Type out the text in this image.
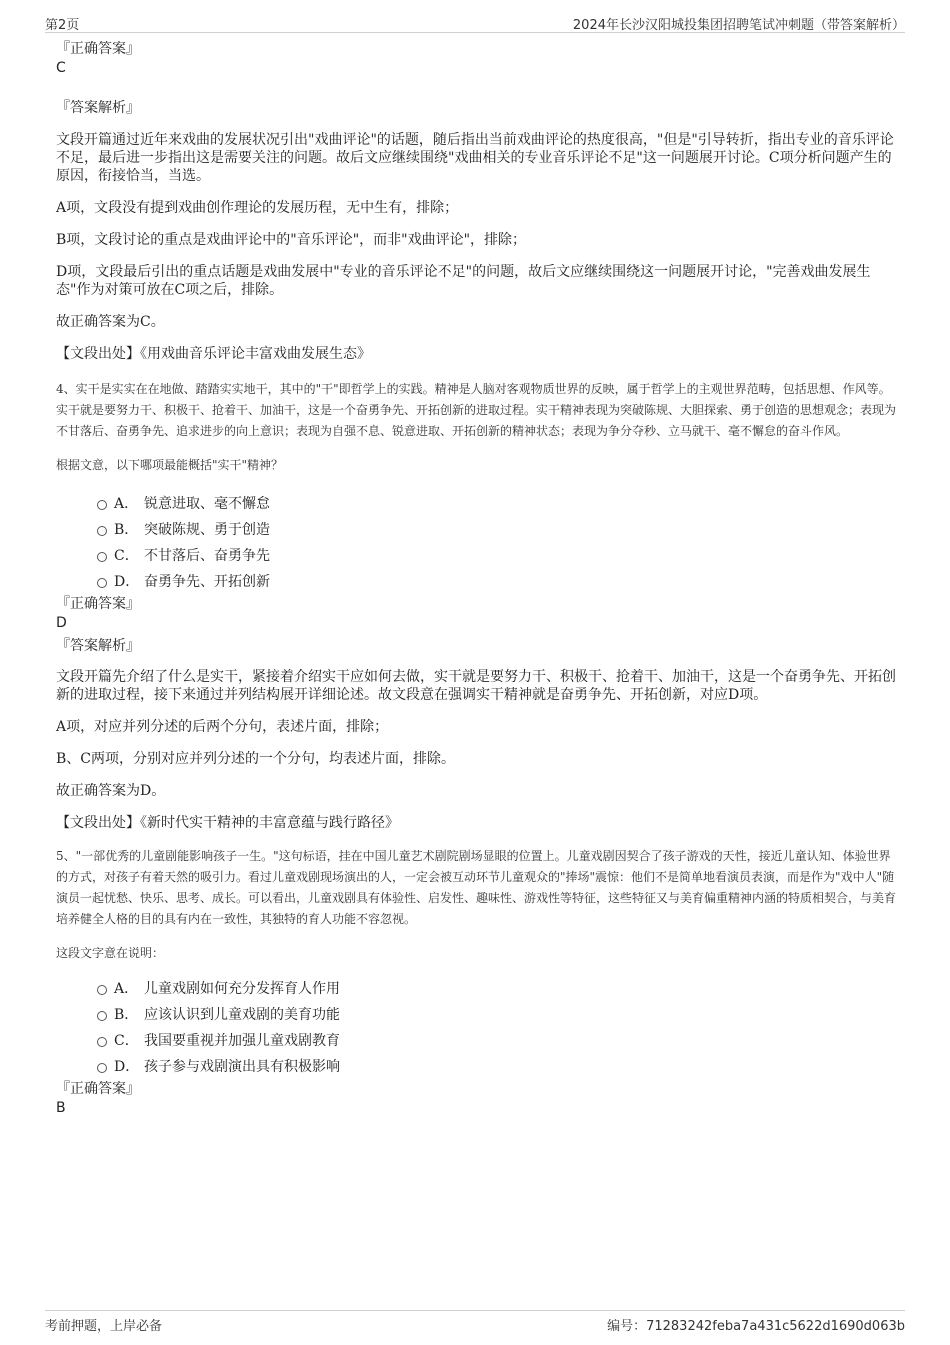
第2页	2024年长沙汉阳城投集团招聘笔试冲刺题（带答案解析）
『正确答案』
C
『答案解析』

文段开篇通过近年来戏曲的发展状况引出"戏曲评论"的话题，随后指出当前戏曲评论的热度很高，"但是"引导转折，指出专业的音乐评论不足，最后进一步指出这是需要关注的问题。故后文应继续围绕"戏曲相关的专业音乐评论不足"这一问题展开讨论。C项分析问题产生的原因，衔接恰当，当选。

A项，文段没有提到戏曲创作理论的发展历程，无中生有，排除；

B项，文段讨论的重点是戏曲评论中的"音乐评论"，而非"戏曲评论"，排除；

D项，文段最后引出的重点话题是戏曲发展中"专业的音乐评论不足"的问题，故后文应继续围绕这一问题展开讨论，"完善戏曲发展生态"作为对策可放在C项之后，排除。

故正确答案为C。

【文段出处】《用戏曲音乐评论丰富戏曲发展生态》

4、实干是实实在在地做、踏踏实实地干，其中的"干"即哲学上的实践。精神是人脑对客观物质世界的反映，属于哲学上的主观世界范畴，包括思想、作风等。实干就是要努力干、积极干、抢着干、加油干，这是一个奋勇争先、开拓创新的进取过程。实干精神表现为突破陈规、大胆探索、勇于创造的思想观念；表现为不甘落后、奋勇争先、追求进步的向上意识；表现为自强不息、锐意进取、开拓创新的精神状态；表现为争分夺秒、立马就干、毫不懈怠的奋斗作风。

根据文意，以下哪项最能概括"实干"精神？

A． 锐意进取、毫不懈怠
B． 突破陈规、勇于创造
C． 不甘落后、奋勇争先
D． 奋勇争先、开拓创新
『正确答案』
D
『答案解析』

文段开篇先介绍了什么是实干，紧接着介绍实干应如何去做，实干就是要努力干、积极干、抢着干、加油干，这是一个奋勇争先、开拓创新的进取过程，接下来通过并列结构展开详细论述。故文段意在强调实干精神就是奋勇争先、开拓创新，对应D项。

A项，对应并列分述的后两个分句，表述片面，排除；

B、C两项，分别对应并列分述的一个分句，均表述片面，排除。

故正确答案为D。

【文段出处】《新时代实干精神的丰富意蕴与践行路径》

5、"一部优秀的儿童剧能影响孩子一生。"这句标语，挂在中国儿童艺术剧院剧场显眼的位置上。儿童戏剧因契合了孩子游戏的天性，接近儿童认知、体验世界的方式，对孩子有着天然的吸引力。看过儿童戏剧现场演出的人，一定会被互动环节儿童观众的"捧场"震惊：他们不是简单地看演员表演，而是作为"戏中人"随演员一起忧愁、快乐、思考、成长。可以看出，儿童戏剧具有体验性、启发性、趣味性、游戏性等特征，这些特征又与美育偏重精神内涵的特质相契合，与美育培养健全人格的目的具有内在一致性，其独特的育人功能不容忽视。

这段文字意在说明：

A． 儿童戏剧如何充分发挥育人作用
B． 应该认识到儿童戏剧的美育功能
C． 我国要重视并加强儿童戏剧教育
D． 孩子参与戏剧演出具有积极影响
『正确答案』
B
考前押题，上岸必备	编号：71283242feba7a431c5622d1690d063b
